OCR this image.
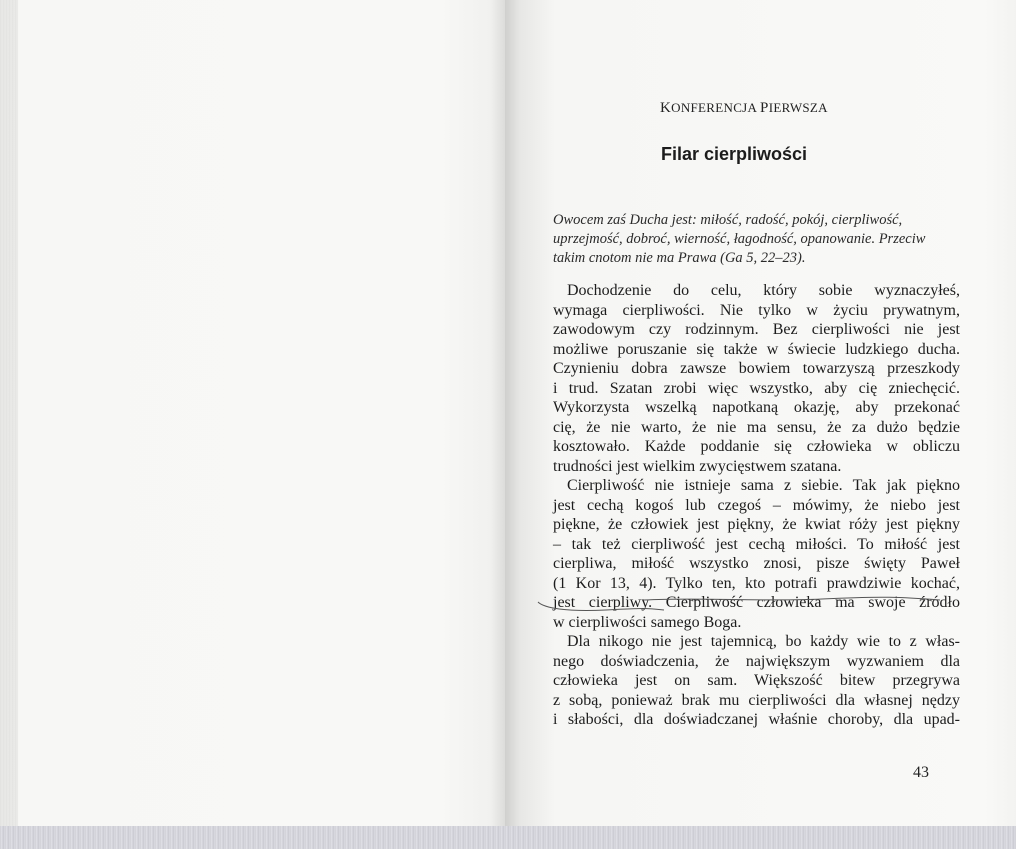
KONFERENCJA PIERWSZA
Filar cierpliwości
Owocem zaś Ducha jest: miłość, radość, pokój, cierpliwość,
uprzejmość, dobroć, wierność, łagodność, opanowanie. Przeciw
takim cnotom nie ma Prawa (Ga 5, 22–23).
Dochodzenie do celu, który sobie wyznaczyłeś,
wymaga cierpliwości. Nie tylko w życiu prywatnym,
zawodowym czy rodzinnym. Bez cierpliwości nie jest
możliwe poruszanie się także w świecie ludzkiego ducha.
Czynieniu dobra zawsze bowiem towarzyszą przeszkody
i trud. Szatan zrobi więc wszystko, aby cię zniechęcić.
Wykorzysta wszelką napotkaną okazję, aby przekonać
cię, że nie warto, że nie ma sensu, że za dużo będzie
kosztowało. Każde poddanie się człowieka w obliczu
trudności jest wielkim zwycięstwem szatana.
Cierpliwość nie istnieje sama z siebie. Tak jak piękno
jest cechą kogoś lub czegoś – mówimy, że niebo jest
piękne, że człowiek jest piękny, że kwiat róży jest piękny
– tak też cierpliwość jest cechą miłości. To miłość jest
cierpliwa, miłość wszystko znosi, pisze święty Paweł
(1 Kor 13, 4). Tylko ten, kto potrafi prawdziwie kochać,
jest cierpliwy. Cierpliwość człowieka ma swoje źródło
w cierpliwości samego Boga.
Dla nikogo nie jest tajemnicą, bo każdy wie to z włas-
nego doświadczenia, że największym wyzwaniem dla
człowieka jest on sam. Większość bitew przegrywa
z sobą, ponieważ brak mu cierpliwości dla własnej nędzy
i słabości, dla doświadczanej właśnie choroby, dla upad-
43
